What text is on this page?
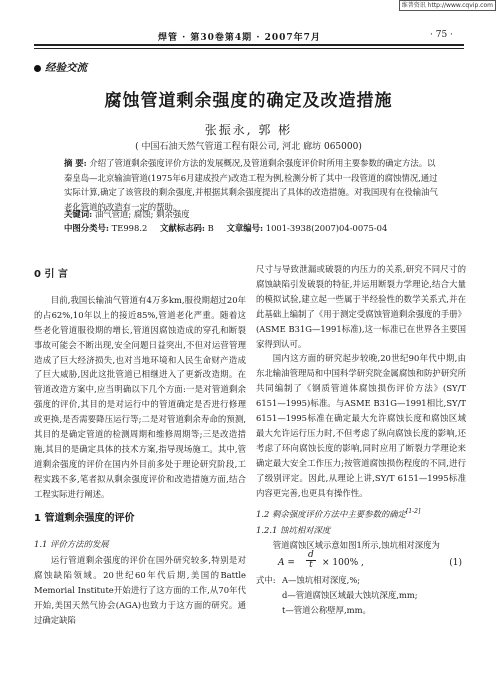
维普资讯 http://www.cqvip.com
焊管 · 第30卷第4期 · 2007年7月	· 75 ·
经验交流
腐蚀管道剩余强度的确定及改造措施
张振永, 郭 彬
( 中国石油天然气管道工程有限公司, 河北 廊坊 065000)

摘 要: 介绍了管道剩余强度评价方法的发展概况,及管道剩余强度评价时所用主要参数的确定方法。以秦皇岛—北京输油管道(1975年6月建成投产)改造工程为例,检测分析了其中一段管道的腐蚀情况,通过实际计算,确定了该管段的剩余强度,并根据其剩余强度提出了具体的改造措施。对我国现有在役输油气老化管道的改造有一定的帮助。

关键词: 油气管道; 腐蚀; 剩余强度

中图分类号: TE998.2 文献标志码: B 文章编号: 1001-3938(2007)04-0075-04

0 引 言

目前,我国长输油气管道有4万多km,服役期超过20年的占62%,10年以上的接近85%,管道老化严重。随着这些老化管道服役期的增长,管道因腐蚀造成的穿孔和断裂事故可能会不断出现,安全问题日益突出,不但对运营管理造成了巨大经济损失,也对当地环境和人民生命财产造成了巨大威胁,因此这批管道已相继进入了更新改造期。在管道改造方案中,应当明确以下几个方面:一是对管道剩余强度的评价,其目的是对运行中的管道确定是否进行修理或更换,是否需要降压运行等;二是对管道剩余寿命的预测,其目的是确定管道的检测周期和维修周期等;三是改造措施,其目的是确定具体的技术方案,指导现场施工。其中,管道剩余强度的评价在国内外目前多处于理论研究阶段,工程实践不多,笔者拟从剩余强度评价和改造措施方面,结合工程实际进行阐述。

1 管道剩余强度的评价
1.1 评价方法的发展

运行管道剩余强度的评价在国外研究较多,特别是对腐蚀缺陷领域。20世纪60年代后期,美国的Battle Memorial Institute开始进行了这方面的工作,从70年代开始,美国天然气协会(AGA)也致力于这方面的研究。通过确定缺陷

尺寸与导致泄漏或破裂的内压力的关系,研究不同尺寸的腐蚀缺陷引发破裂的特征,并运用断裂力学理论,结合大量的模拟试验,建立起一些属于半经验性的数学关系式,并在此基础上编制了《用于测定受腐蚀管道剩余强度的手册》(ASME B31G—1991标准),这一标准已在世界各主要国家得到认可。

国内这方面的研究起步较晚,20世纪90年代中期,由东北输油管理局和中国科学研究院金属腐蚀和防护研究所共同编制了《钢质管道体腐蚀损伤评价方法》(SY/T 6151—1995)标准。与ASME B31G—1991相比,SY/T 6151—1995标准在确定最大允许腐蚀长度和腐蚀区域最大允许运行压力时,不但考虑了纵向腐蚀长度的影响,还考虑了环向腐蚀长度的影响,同时应用了断裂力学理论来确定最大安全工作压力;按管道腐蚀损伤程度的不同,进行了级别评定。因此,从理论上讲,SY/T 6151—1995标准内容更完善,也更具有操作性。

1.2 剩余强度评价方法中主要参数的确定[1-2]
1.2.1 蚀坑相对深度

管道腐蚀区域示意如图1所示,蚀坑相对深度为

$A = \frac{d}{t} \times 100\%$ ,	(1)
式中: A—蚀坑相对深度,%;
d—管道腐蚀区域最大蚀坑深度,mm;
t—管道公称壁厚,mm。
